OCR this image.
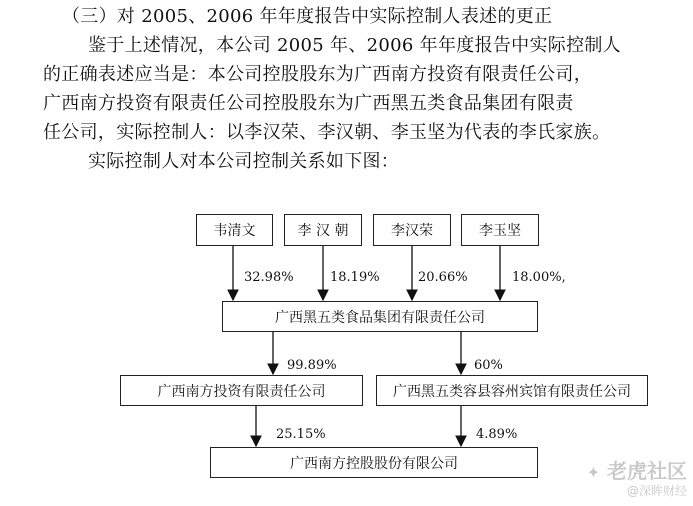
（三）对 2005、2006 年年度报告中实际控制人表述的更正
鉴于上述情况，本公司 2005 年、2006 年年度报告中实际控制人
的正确表述应当是：本公司控股股东为广西南方投资有限责任公司，
广西南方投资有限责任公司控股股东为广西黑五类食品集团有限责
任公司，实际控制人：以李汉荣、李汉朝、李玉坚为代表的李氏家族。
实际控制人对本公司控制关系如下图：
韦清文	李 汉 朝	李汉荣	李玉坚
32.98%	18.19%	20.66%	18.00%,
广西黑五类食品集团有限责任公司
99.89%	60%
广西南方投资有限责任公司	广西黑五类容县容州宾馆有限责任公司
25.15%	4.89%
广西南方控股股份有限公司	✦ 老虎社区
@深眸财经
